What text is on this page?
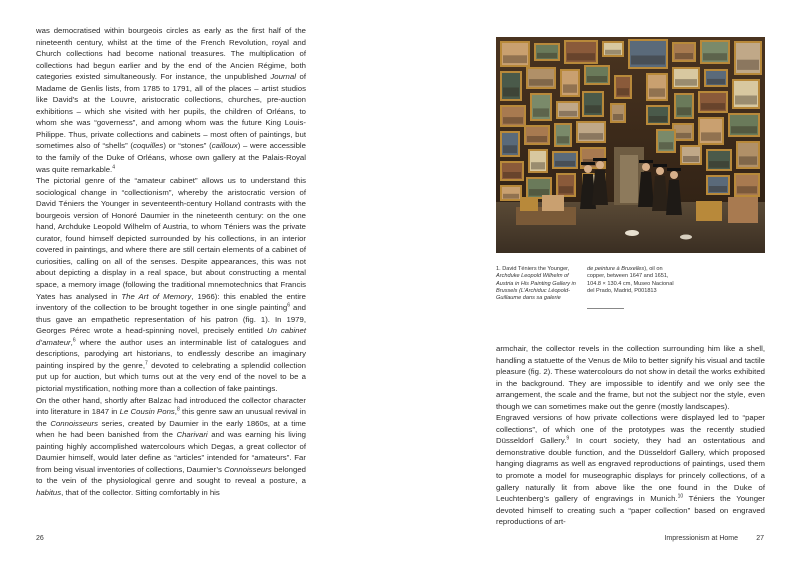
was democratised within bourgeois circles as early as the first half of the nineteenth century, whilst at the time of the French Revolution, royal and Church collections had become national treasures. The multiplication of collections had begun earlier and by the end of the Ancien Régime, both categories existed simultaneously. For instance, the unpublished Journal of Madame de Genlis lists, from 1785 to 1791, all of the places – artist studios like David’s at the Louvre, aristocratic collections, churches, pre-auction exhibitions – which she visited with her pupils, the children of Orléans, to whom she was “governess”, and among whom was the future King Louis-Philippe. Thus, private collections and cabinets – most often of paintings, but sometimes also of “shells” (coquilles) or “stones” (cailloux) – were accessible to the family of the Duke of Orléans, whose own gallery at the Palais-Royal was quite remarkable.$^4$

The pictorial genre of the “amateur cabinet” allows us to understand this sociological change in “collectionism”, whereby the aristocratic version of David Téniers the Younger in seventeenth-century Holland contrasts with the bourgeois version of Honoré Daumier in the nineteenth century: on the one hand, Archduke Leopold Wilhelm of Austria, to whom Téniers was the private curator, found himself depicted surrounded by his collections, in an interior covered in paintings, and where there are still certain elements of a cabinet of curiosities, calling on all of the senses. Despite appearances, this was not about depicting a display in a real space, but about constructing a mental space, a memory image (following the traditional mnemotechnics that Francis Yates has analysed in The Art of Memory, 1966): this enabled the entire inventory of the collection to be brought together in one single painting$^6$ and thus gave an empathetic representation of his patron (fig. 1). In 1979, Georges Pérec wrote a head-spinning novel, precisely entitled Un cabinet d’amateur,$^6$ where the author uses an interminable list of catalogues and descriptions, parodying art historians, to endlessly describe an imaginary painting inspired by the genre,$^7$ devoted to celebrating a splendid collection put up for auction, but which turns out at the very end of the novel to be a pictorial mystification, nothing more than a collection of fake paintings.

On the other hand, shortly after Balzac had introduced the collector character into literature in 1847 in Le Cousin Pons,$^8$ this genre saw an unusual revival in the Connoisseurs series, created by Daumier in the early 1860s, at a time when he had been banished from the Charivari and was earning his living painting highly accomplished watercolours which Degas, a great collector of Daumier himself, would later define as “articles” intended for “amateurs”. Far from being visual inventories of collections, Daumier’s Connoisseurs belonged to the vein of the physiological genre and sought to reveal a posture, a habitus, that of the collector. Sitting comfortably in his

26
1. David Téniers the Younger, Archduke Leopold Wilhelm of Austria in His Painting Gallery in Brussels (L’Archiduc Léopold-Guillaume dans sa galerie
de peinture à Bruxelles), oil on copper, between 1647 and 1651, 104.8 × 130.4 cm, Museo Nacional del Prado, Madrid, P001813

armchair, the collector revels in the collection surrounding him like a shell, handling a statuette of the Venus de Milo to better signify his visual and tactile pleasure (fig. 2). These watercolours do not show in detail the works exhibited in the background. They are impossible to identify and we only see the arrangement, the scale and the frame, but not the subject nor the style, even though we can sometimes make out the genre (mostly landscapes).

Engraved versions of how private collections were displayed led to “paper collections”, of which one of the prototypes was the recently studied Düsseldorf Gallery.$^9$ In court society, they had an ostentatious and demonstrative double function, and the Düsseldorf Gallery, which proposed hanging diagrams as well as engraved reproductions of paintings, used them to promote a model for museographic displays for princely collections, of a gallery naturally lit from above like the one found in the Duke of Leuchtenberg’s gallery of engravings in Munich.$^{10}$ Téniers the Younger devoted himself to creating such a “paper collection” based on engraved reproductions of art-

Impressionism at Home	27
